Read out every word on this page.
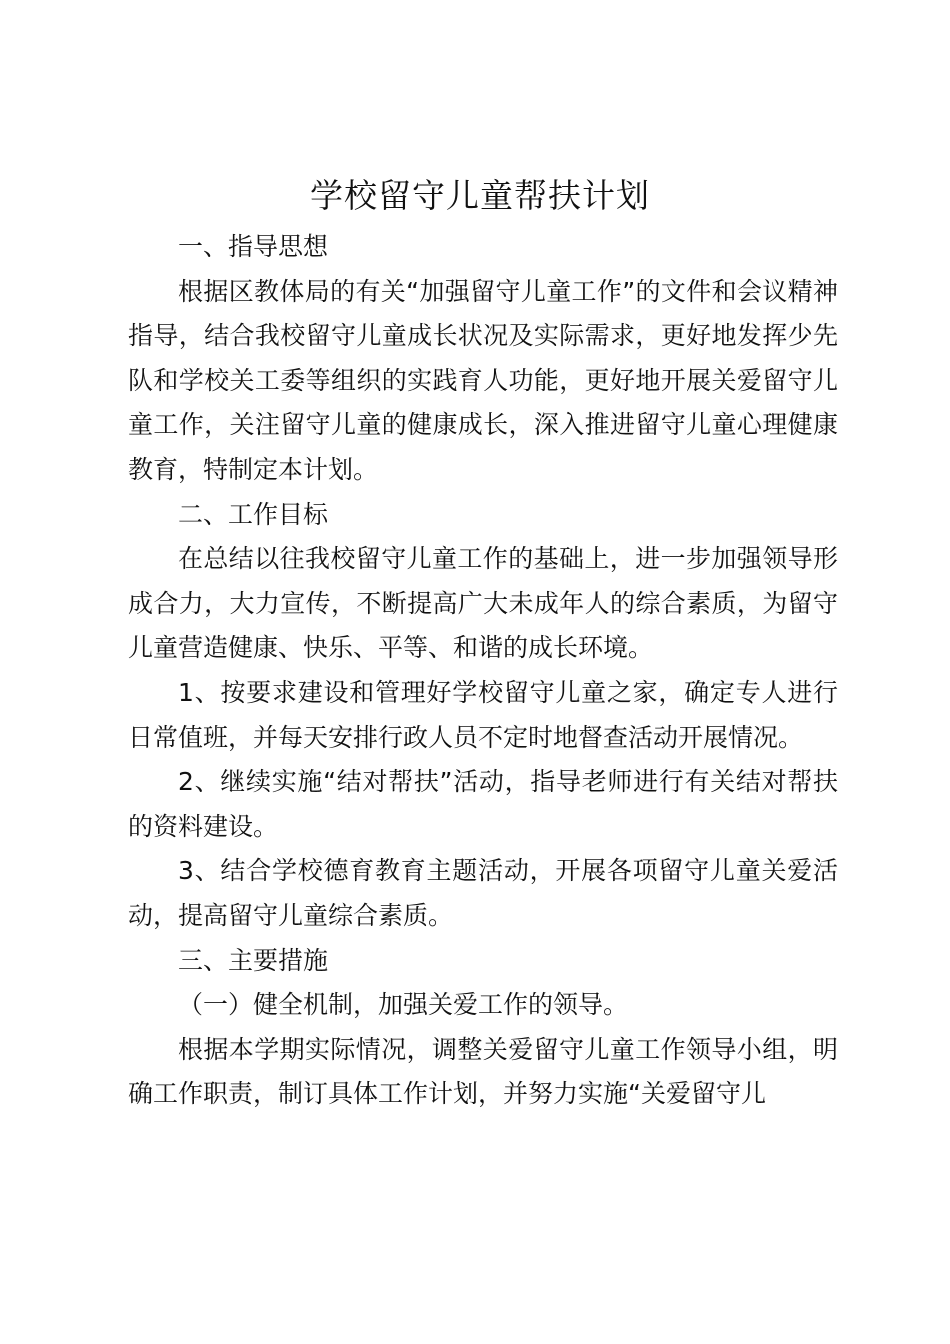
学校留守儿童帮扶计划

一、指导思想

根据区教体局的有关“加强留守儿童工作”的文件和会议精神指导，结合我校留守儿童成长状况及实际需求，更好地发挥少先队和学校关工委等组织的实践育人功能，更好地开展关爱留守儿童工作，关注留守儿童的健康成长，深入推进留守儿童心理健康教育，特制定本计划。

二、工作目标

在总结以往我校留守儿童工作的基础上，进一步加强领导形成合力，大力宣传，不断提高广大未成年人的综合素质，为留守儿童营造健康、快乐、平等、和谐的成长环境。

1、按要求建设和管理好学校留守儿童之家，确定专人进行日常值班，并每天安排行政人员不定时地督查活动开展情况。

2、继续实施“结对帮扶”活动，指导老师进行有关结对帮扶的资料建设。

3、结合学校德育教育主题活动，开展各项留守儿童关爱活动，提高留守儿童综合素质。

三、主要措施

（一）健全机制，加强关爱工作的领导。

根据本学期实际情况，调整关爱留守儿童工作领导小组，明确工作职责，制订具体工作计划，并努力实施“关爱留守儿
